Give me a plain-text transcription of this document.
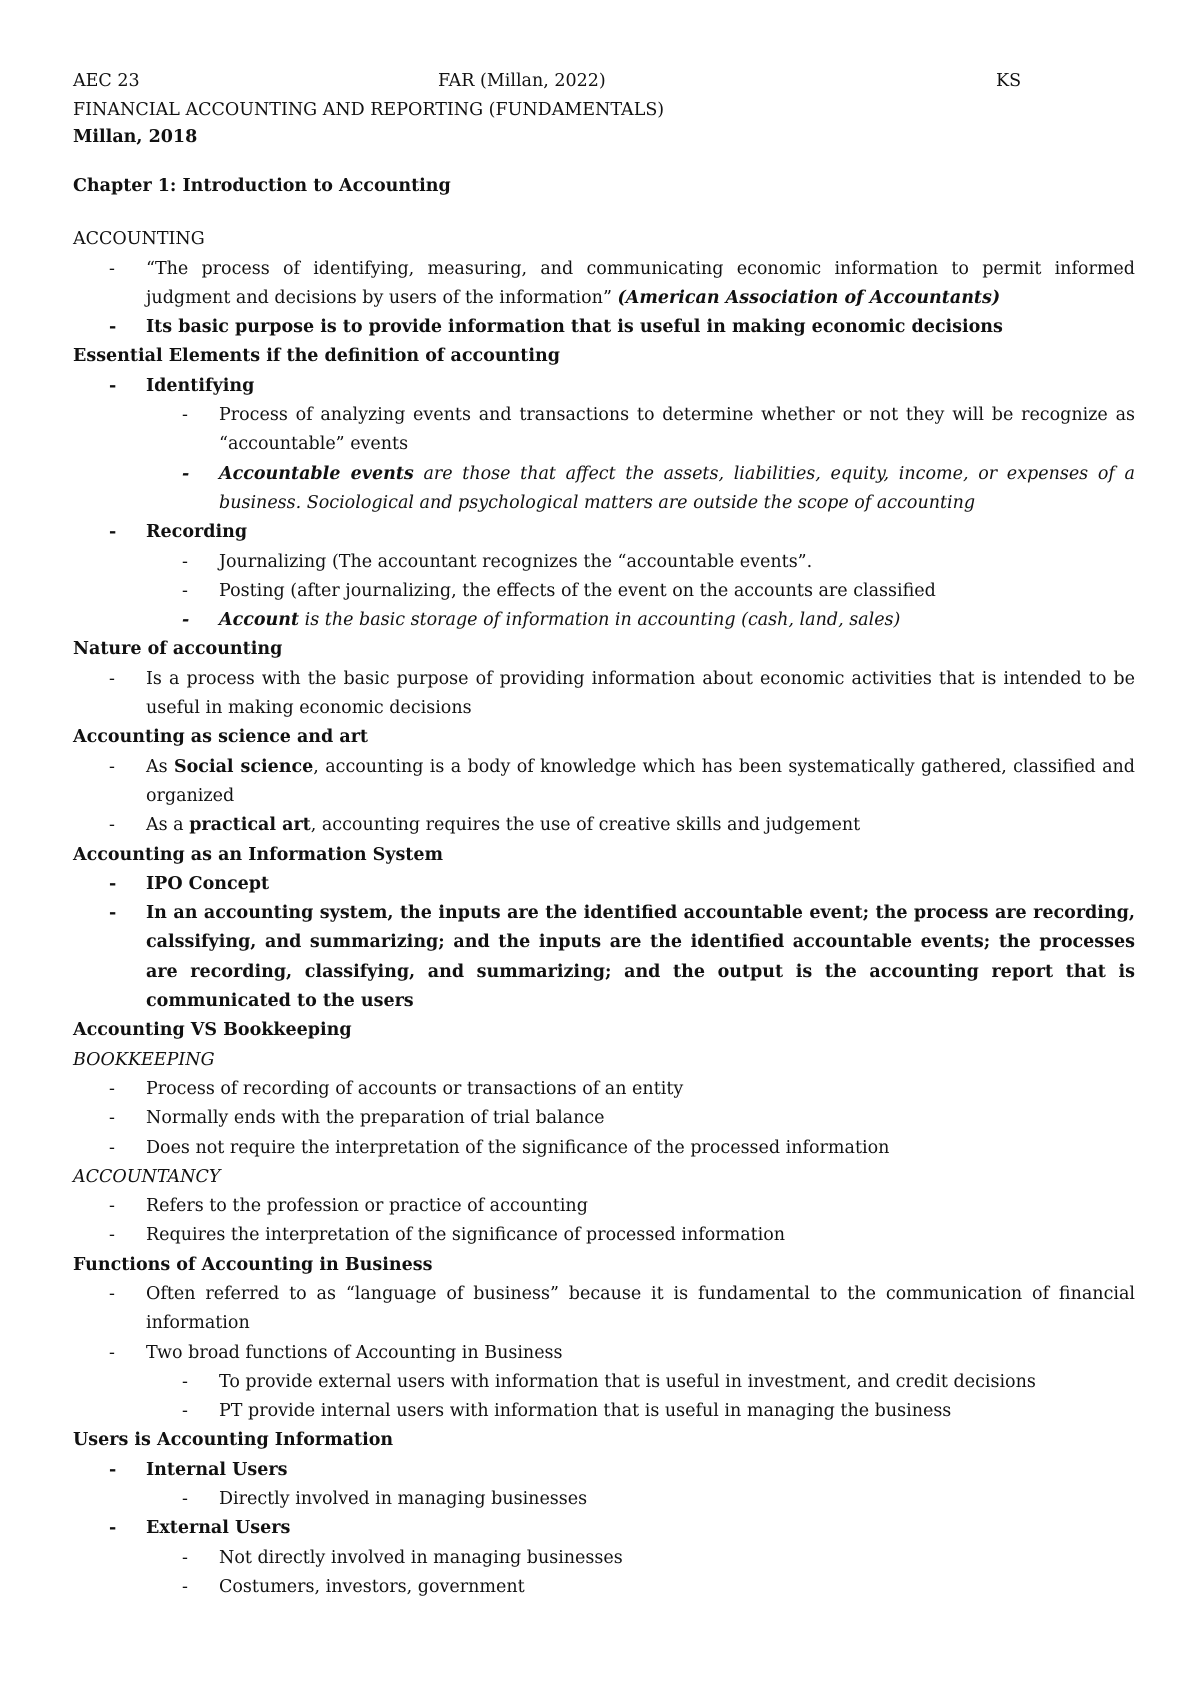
AEC 23	FAR (Millan, 2022)	KS
FINANCIAL ACCOUNTING AND REPORTING (FUNDAMENTALS)
Millan, 2018
Chapter 1: Introduction to Accounting
ACCOUNTING
-	“The process of identifying, measuring, and communicating economic information to permit informed judgment and decisions by users of the information” (American Association of Accountants)
-	Its basic purpose is to provide information that is useful in making economic decisions
Essential Elements if the definition of accounting
-	Identifying
-	Process of analyzing events and transactions to determine whether or not they will be recognize as “accountable” events
-	Accountable events are those that affect the assets, liabilities, equity, income, or expenses of a business. Sociological and psychological matters are outside the scope of accounting
-	Recording
-	Journalizing (The accountant recognizes the “accountable events”.
-	Posting (after journalizing, the effects of the event on the accounts are classified
-	Account is the basic storage of information in accounting (cash, land, sales)
Nature of accounting
-	Is a process with the basic purpose of providing information about economic activities that is intended to be useful in making economic decisions
Accounting as science and art
-	As Social science, accounting is a body of knowledge which has been systematically gathered, classified and organized
-	As a practical art, accounting requires the use of creative skills and judgement
Accounting as an Information System
-	IPO Concept
-	In an accounting system, the inputs are the identified accountable event; the process are recording, calssifying, and summarizing; and the inputs are the identified accountable events; the processes are recording, classifying, and summarizing; and the output is the accounting report that is communicated to the users
Accounting VS Bookkeeping
BOOKKEEPING
-	Process of recording of accounts or transactions of an entity
-	Normally ends with the preparation of trial balance
-	Does not require the interpretation of the significance of the processed information
ACCOUNTANCY
-	Refers to the profession or practice of accounting
-	Requires the interpretation of the significance of processed information
Functions of Accounting in Business
-	Often referred to as “language of business” because it is fundamental to the communication of financial information
-	Two broad functions of Accounting in Business
-	To provide external users with information that is useful in investment, and credit decisions
-	PT provide internal users with information that is useful in managing the business
Users is Accounting Information
-	Internal Users
-	Directly involved in managing businesses
-	External Users
-	Not directly involved in managing businesses
-	Costumers, investors, government
